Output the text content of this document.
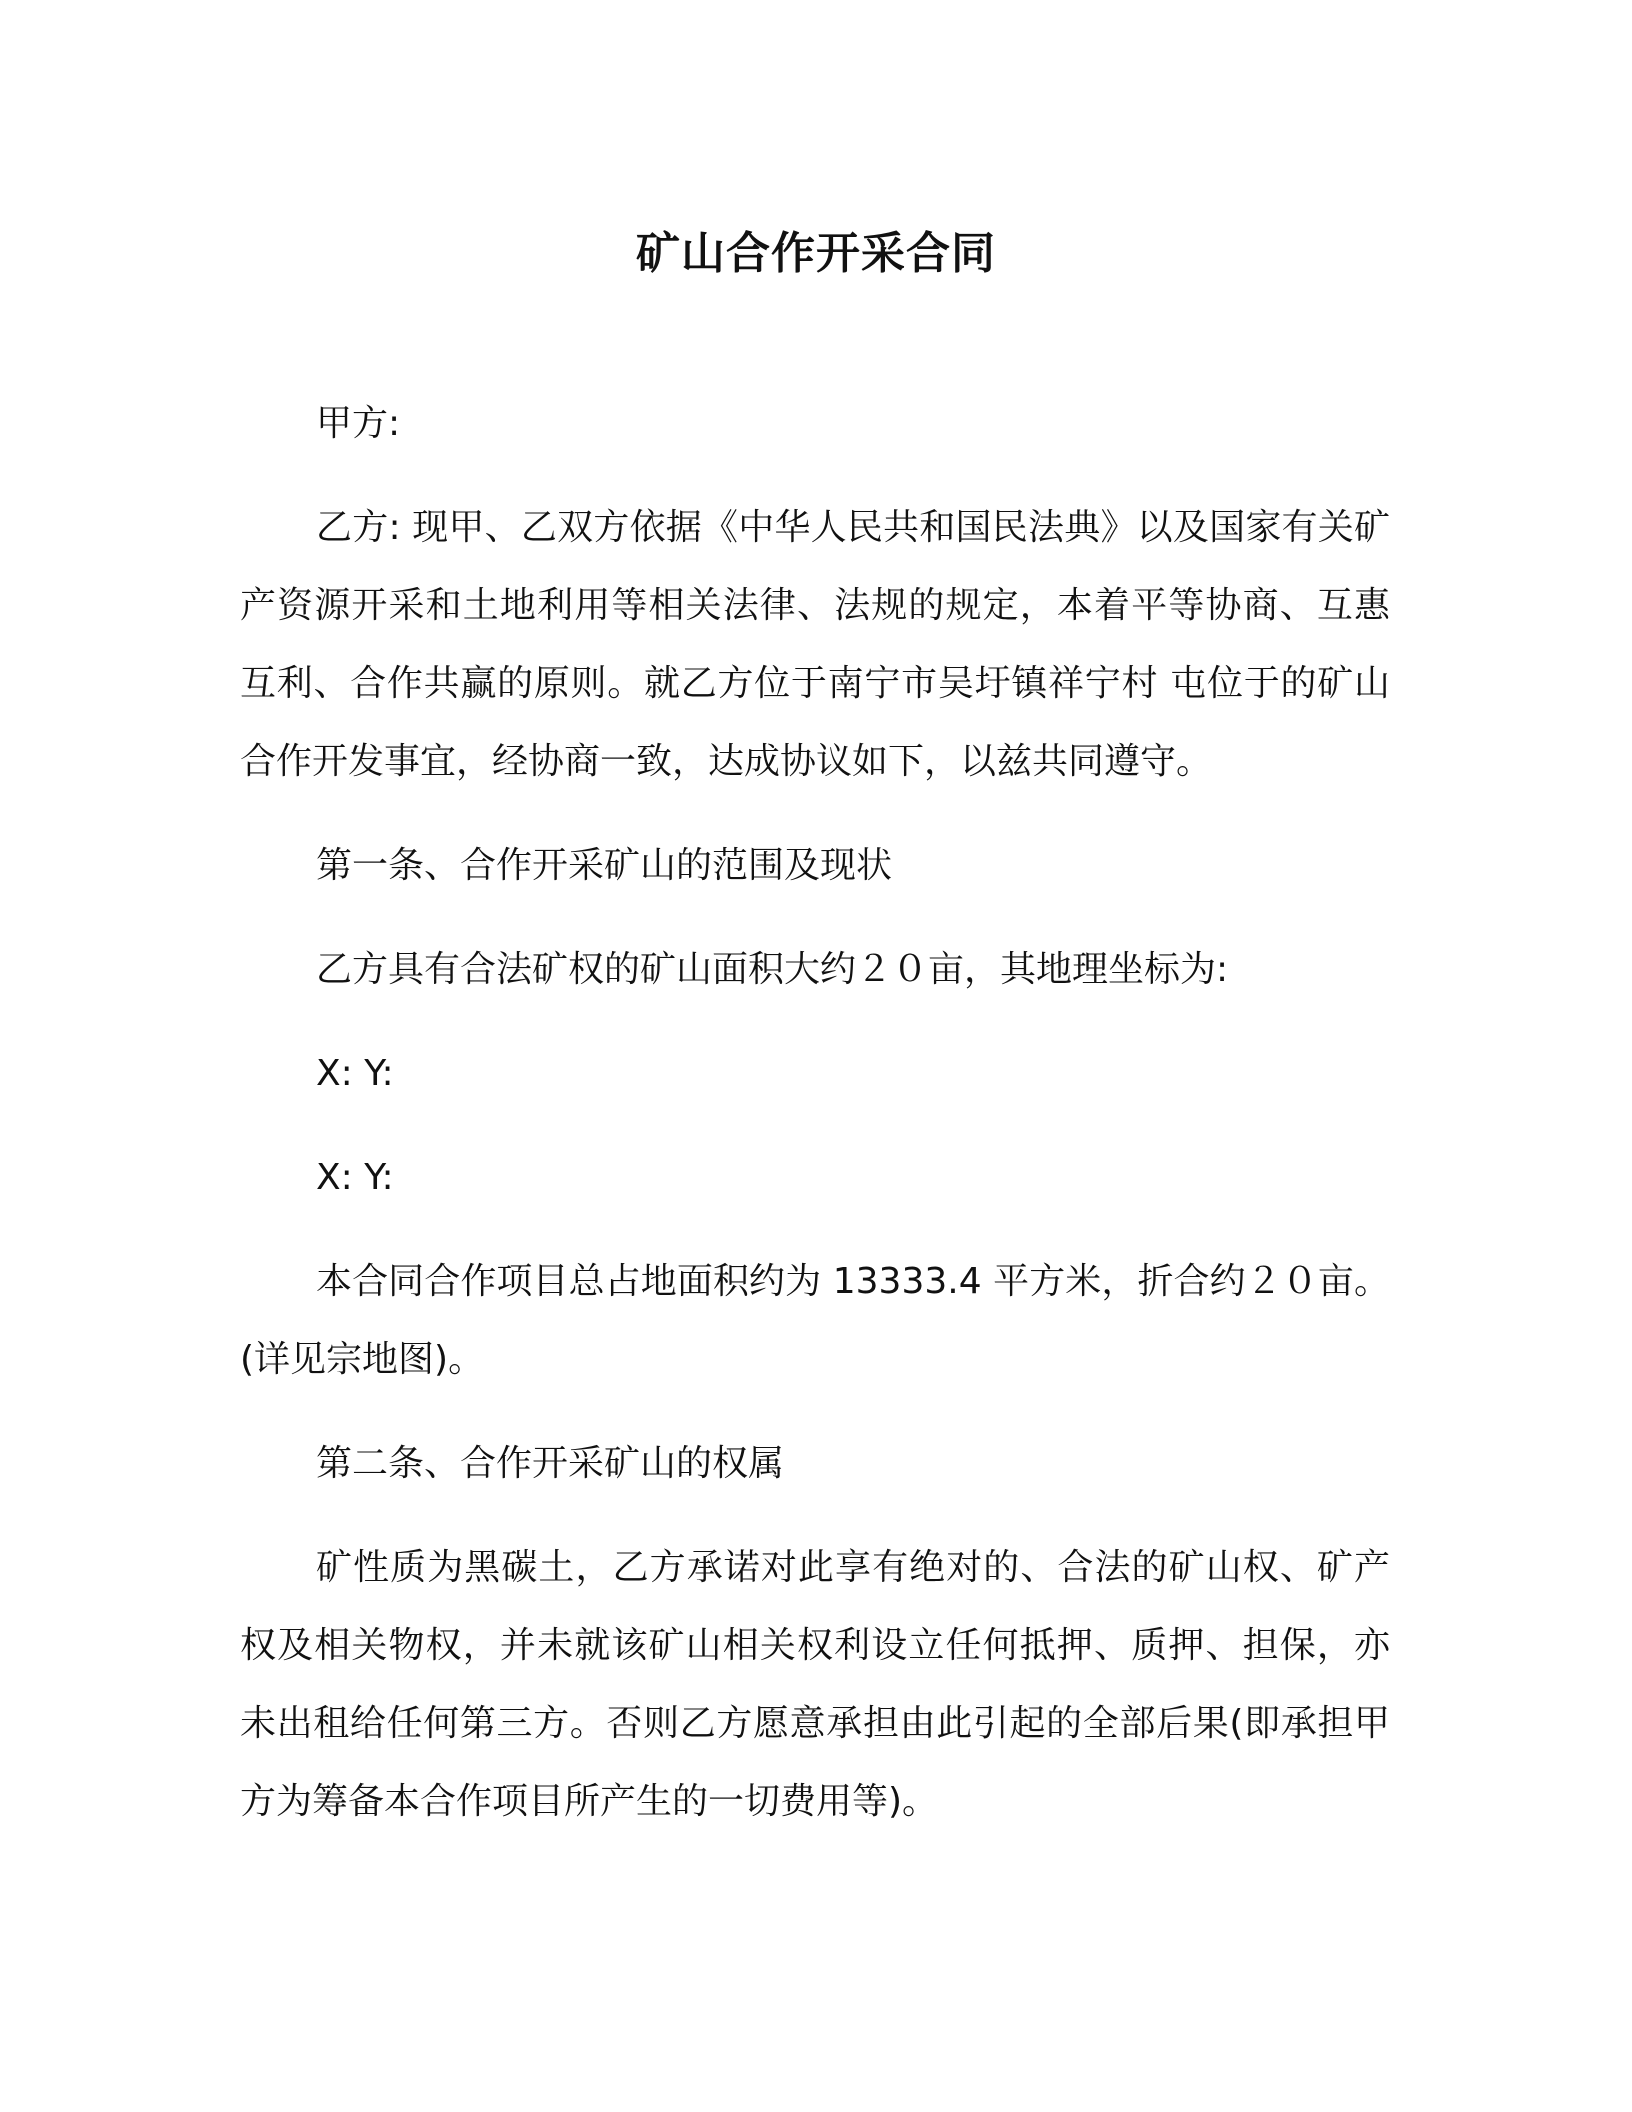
矿山合作开采合同

甲方:

乙方: 现甲、乙双方依据《中华人民共和国民法典》以及国家有关矿产资源开采和土地利用等相关法律、法规的规定，本着平等协商、互惠互利、合作共赢的原则。就乙方位于南宁市吴圩镇祥宁村 屯位于的矿山合作开发事宜，经协商一致，达成协议如下，以兹共同遵守。

第一条、合作开采矿山的范围及现状

乙方具有合法矿权的矿山面积大约２０亩，其地理坐标为:

X: Y:

X: Y:

本合同合作项目总占地面积约为 13333.4 平方米，折合约２０亩。(详见宗地图)。

第二条、合作开采矿山的权属

矿性质为黑碳土，乙方承诺对此享有绝对的、合法的矿山权、矿产权及相关物权，并未就该矿山相关权利设立任何抵押、质押、担保，亦未出租给任何第三方。否则乙方愿意承担由此引起的全部后果(即承担甲方为筹备本合作项目所产生的一切费用等)。
